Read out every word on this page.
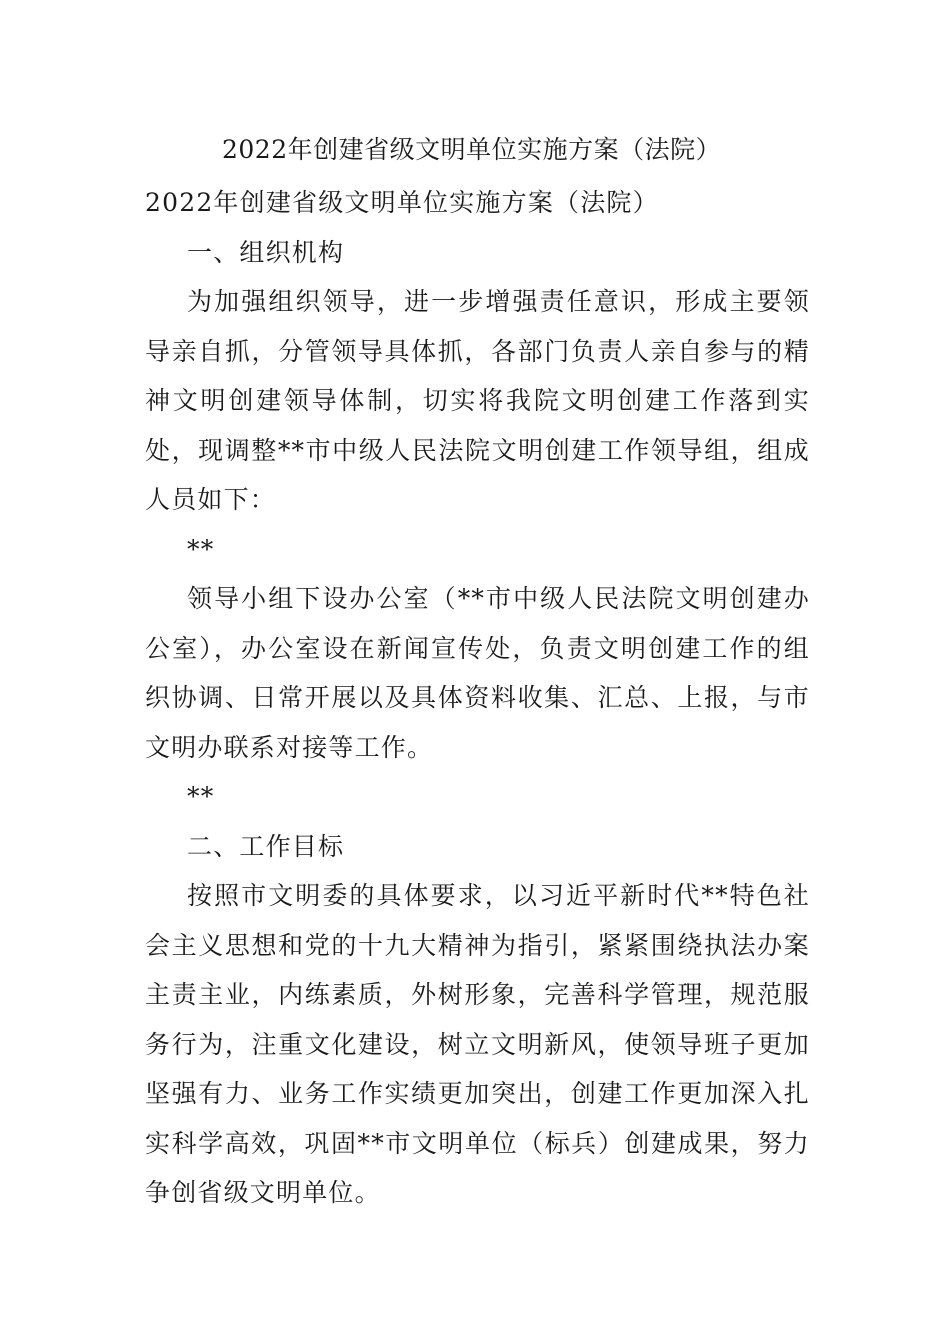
2022年创建省级文明单位实施方案（法院）

2022年创建省级文明单位实施方案（法院）

一、组织机构

为加强组织领导，进一步增强责任意识，形成主要领导亲自抓，分管领导具体抓，各部门负责人亲自参与的精神文明创建领导体制，切实将我院文明创建工作落到实处，现调整**市中级人民法院文明创建工作领导组，组成人员如下：

**

领导小组下设办公室（**市中级人民法院文明创建办公室），办公室设在新闻宣传处，负责文明创建工作的组织协调、日常开展以及具体资料收集、汇总、上报，与市文明办联系对接等工作。

**

二、工作目标

按照市文明委的具体要求，以习近平新时代**特色社会主义思想和党的十九大精神为指引，紧紧围绕执法办案主责主业，内练素质，外树形象，完善科学管理，规范服务行为，注重文化建设，树立文明新风，使领导班子更加坚强有力、业务工作实绩更加突出，创建工作更加深入扎实科学高效，巩固**市文明单位（标兵）创建成果，努力争创省级文明单位。
